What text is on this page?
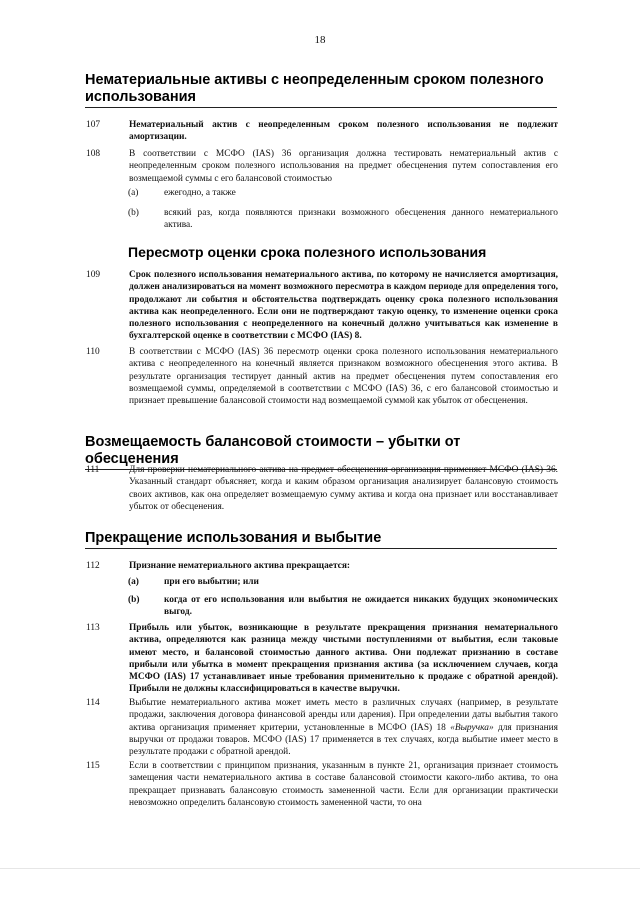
18
Нематериальные активы с неопределенным сроком полезного использования
107	Нематериальный актив с неопределенным сроком полезного использования не подлежит амортизации.
108	В соответствии с МСФО (IAS) 36 организация должна тестировать нематериальный актив с неопределенным сроком полезного использования на предмет обесценения путем сопоставления его возмещаемой суммы с его балансовой стоимостью
(a)	ежегодно, а также
(b)	всякий раз, когда появляются признаки возможного обесценения данного нематериального актива.
Пересмотр оценки срока полезного использования
109	Срок полезного использования нематериального актива, по которому не начисляется амортизация, должен анализироваться на момент возможного пересмотра в каждом периоде для определения того, продолжают ли события и обстоятельства подтверждать оценку срока полезного использования актива как неопределенного. Если они не подтверждают такую оценку, то изменение оценки срока полезного использования с неопределенного на конечный должно учитываться как изменение в бухгалтерской оценке в соответствии с МСФО (IAS) 8.
110	В соответствии с МСФО (IAS) 36 пересмотр оценки срока полезного использования нематериального актива с неопределенного на конечный является признаком возможного обесценения этого актива. В результате организация тестирует данный актив на предмет обесценения путем сопоставления его возмещаемой суммы, определяемой в соответствии с МСФО (IAS) 36, с его балансовой стоимостью и признает превышение балансовой стоимости над возмещаемой суммой как убыток от обесценения.
Возмещаемость балансовой стоимости – убытки от обесценения
111	Для проверки нематериального актива на предмет обесценения организация применяет МСФО (IAS) 36. Указанный стандарт объясняет, когда и каким образом организация анализирует балансовую стоимость своих активов, как она определяет возмещаемую сумму актива и когда она признает или восстанавливает убыток от обесценения.
Прекращение использования и выбытие
112	Признание нематериального актива прекращается:
(a)	при его выбытии; или
(b)	когда от его использования или выбытия не ожидается никаких будущих экономических выгод.
113	Прибыль или убыток, возникающие в результате прекращения признания нематериального актива, определяются как разница между чистыми поступлениями от выбытия, если таковые имеют место, и балансовой стоимостью данного актива. Они подлежат признанию в составе прибыли или убытка в момент прекращения признания актива (за исключением случаев, когда МСФО (IAS) 17 устанавливает иные требования применительно к продаже с обратной арендой). Прибыли не должны классифицироваться в качестве выручки.
114	Выбытие нематериального актива может иметь место в различных случаях (например, в результате продажи, заключения договора финансовой аренды или дарения). При определении даты выбытия такого актива организация применяет критерии, установленные в МСФО (IAS) 18 «Выручка» для признания выручки от продажи товаров. МСФО (IAS) 17 применяется в тех случаях, когда выбытие имеет место в результате продажи с обратной арендой.
115	Если в соответствии с принципом признания, указанным в пункте 21, организация признает стоимость замещения части нематериального актива в составе балансовой стоимости какого-либо актива, то она прекращает признавать балансовую стоимость замененной части. Если для организации практически невозможно определить балансовую стоимость замененной части, то она
